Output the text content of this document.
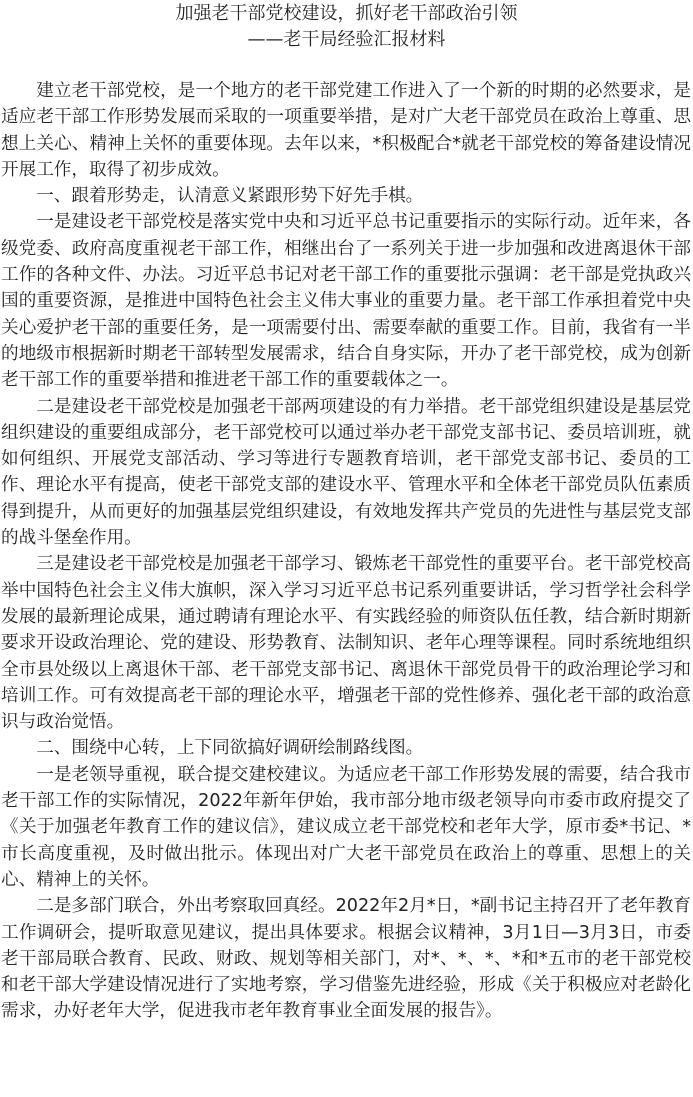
加强老干部党校建设，抓好老干部政治引领
——老干局经验汇报材料

建立老干部党校，是一个地方的老干部党建工作进入了一个新的时期的必然要求，是适应老干部工作形势发展而采取的一项重要举措，是对广大老干部党员在政治上尊重、思想上关心、精神上关怀的重要体现。去年以来，*积极配合*就老干部党校的筹备建设情况开展工作，取得了初步成效。

一、跟着形势走，认清意义紧跟形势下好先手棋。

一是建设老干部党校是落实党中央和习近平总书记重要指示的实际行动。近年来，各级党委、政府高度重视老干部工作，相继出台了一系列关于进一步加强和改进离退休干部工作的各种文件、办法。习近平总书记对老干部工作的重要批示强调：老干部是党执政兴国的重要资源，是推进中国特色社会主义伟大事业的重要力量。老干部工作承担着党中央关心爱护老干部的重要任务，是一项需要付出、需要奉献的重要工作。目前，我省有一半的地级市根据新时期老干部转型发展需求，结合自身实际，开办了老干部党校，成为创新老干部工作的重要举措和推进老干部工作的重要载体之一。

二是建设老干部党校是加强老干部两项建设的有力举措。老干部党组织建设是基层党组织建设的重要组成部分，老干部党校可以通过举办老干部党支部书记、委员培训班，就如何组织、开展党支部活动、学习等进行专题教育培训，老干部党支部书记、委员的工作、理论水平有提高，使老干部党支部的建设水平、管理水平和全体老干部党员队伍素质得到提升，从而更好的加强基层党组织建设，有效地发挥共产党员的先进性与基层党支部的战斗堡垒作用。

三是建设老干部党校是加强老干部学习、锻炼老干部党性的重要平台。老干部党校高举中国特色社会主义伟大旗帜，深入学习习近平总书记系列重要讲话，学习哲学社会科学发展的最新理论成果，通过聘请有理论水平、有实践经验的师资队伍任教，结合新时期新要求开设政治理论、党的建设、形势教育、法制知识、老年心理等课程。同时系统地组织全市县处级以上离退休干部、老干部党支部书记、离退休干部党员骨干的政治理论学习和培训工作。可有效提高老干部的理论水平，增强老干部的党性修养、强化老干部的政治意识与政治觉悟。

二、围绕中心转，上下同欲搞好调研绘制路线图。

一是老领导重视，联合提交建校建议。为适应老干部工作形势发展的需要，结合我市老干部工作的实际情况，2022年新年伊始，我市部分地市级老领导向市委市政府提交了《关于加强老年教育工作的建议信》，建议成立老干部党校和老年大学，原市委*书记、*市长高度重视，及时做出批示。体现出对广大老干部党员在政治上的尊重、思想上的关心、精神上的关怀。

二是多部门联合，外出考察取回真经。2022年2月*日，*副书记主持召开了老年教育工作调研会，提听取意见建议，提出具体要求。根据会议精神，3月1日—3月3日，市委老干部局联合教育、民政、财政、规划等相关部门，对*、*、*、*和*五市的老干部党校和老干部大学建设情况进行了实地考察，学习借鉴先进经验，形成《关于积极应对老龄化需求，办好老年大学，促进我市老年教育事业全面发展的报告》。
